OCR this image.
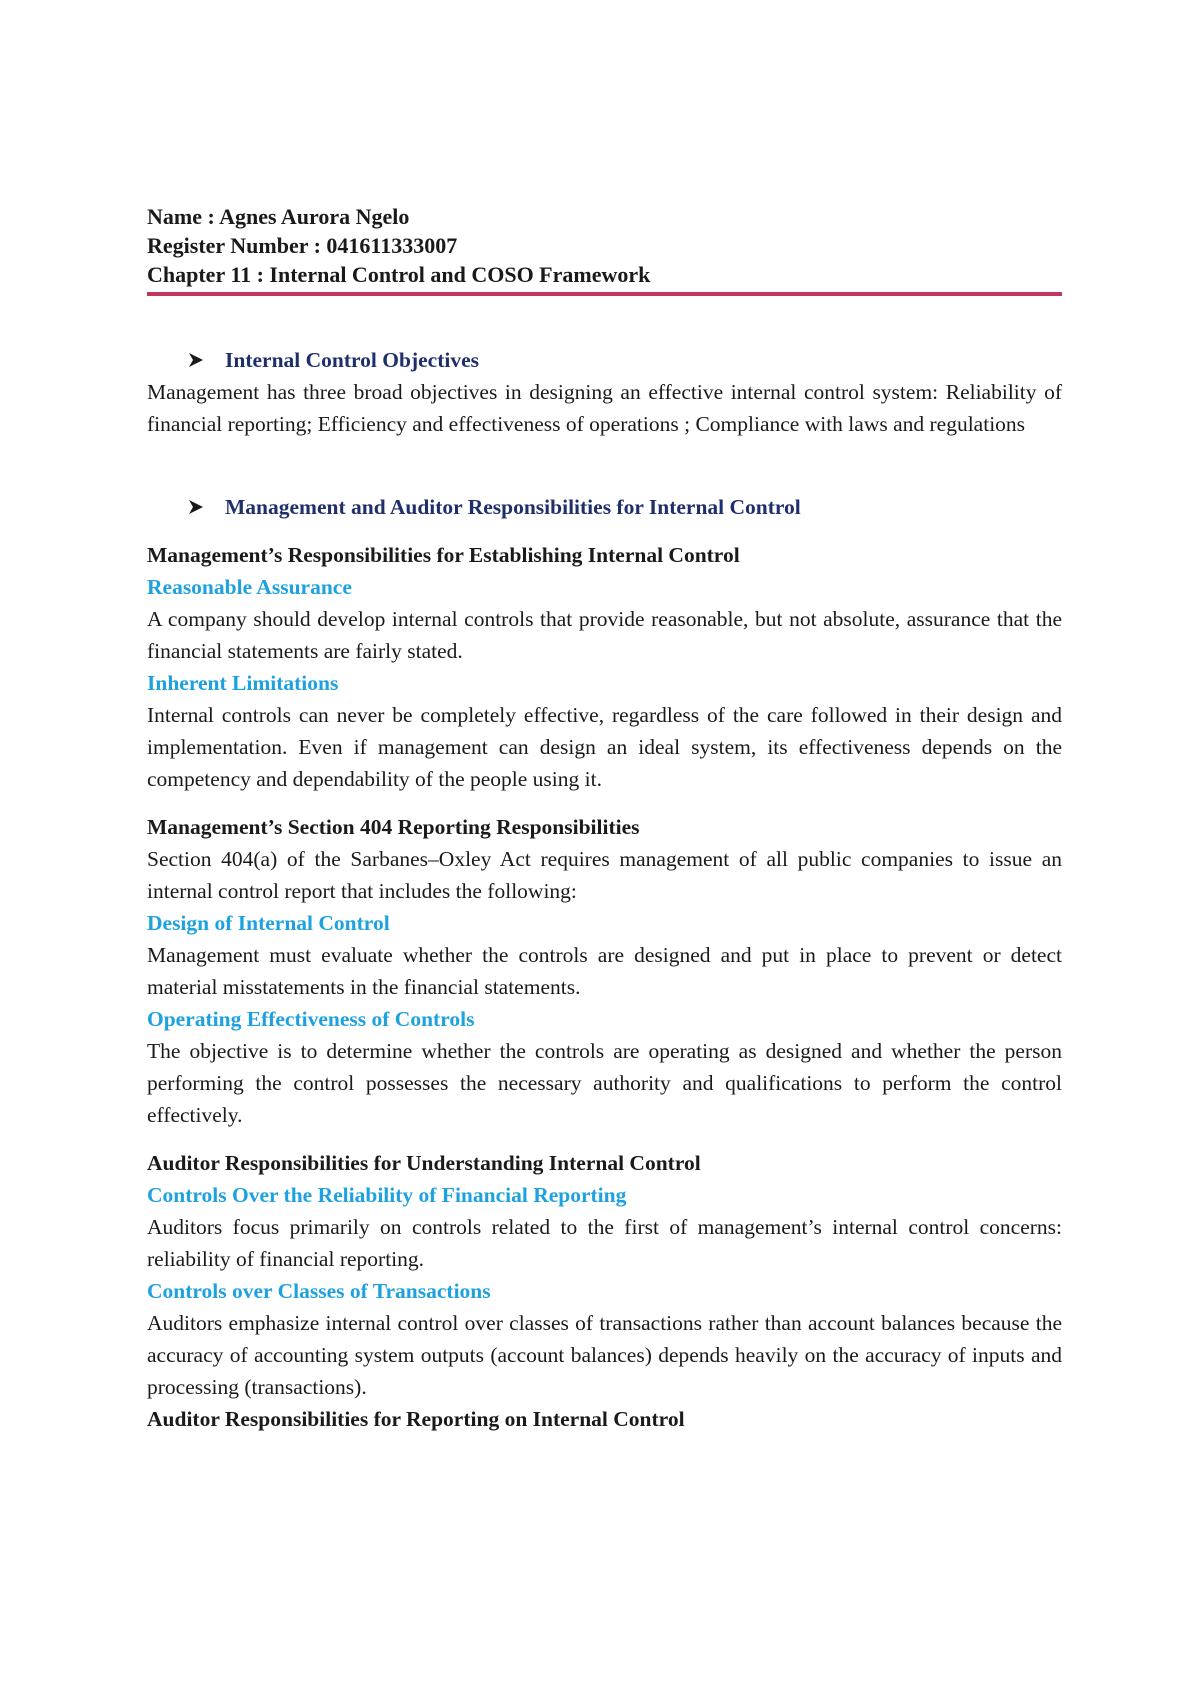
Name : Agnes Aurora Ngelo
Register Number : 041611333007
Chapter 11 : Internal Control and COSO Framework
Internal Control Objectives

Management has three broad objectives in designing an effective internal control system: Reliability of financial reporting; Efficiency and effectiveness of operations ; Compliance with laws and regulations

Management and Auditor Responsibilities for Internal Control

Management’s Responsibilities for Establishing Internal Control

Reasonable Assurance

A company should develop internal controls that provide reasonable, but not absolute, assurance that the financial statements are fairly stated.

Inherent Limitations

Internal controls can never be completely effective, regardless of the care followed in their design and implementation. Even if management can design an ideal system, its effectiveness depends on the competency and dependability of the people using it.

Management’s Section 404 Reporting Responsibilities

Section 404(a) of the Sarbanes–Oxley Act requires management of all public companies to issue an internal control report that includes the following:

Design of Internal Control

Management must evaluate whether the controls are designed and put in place to prevent or detect material misstatements in the financial statements.

Operating Effectiveness of Controls

The objective is to determine whether the controls are operating as designed and whether the person performing the control possesses the necessary authority and qualifications to perform the control effectively.

Auditor Responsibilities for Understanding Internal Control

Controls Over the Reliability of Financial Reporting

Auditors focus primarily on controls related to the first of management’s internal control concerns: reliability of financial reporting.

Controls over Classes of Transactions

Auditors emphasize internal control over classes of transactions rather than account balances because the accuracy of accounting system outputs (account balances) depends heavily on the accuracy of inputs and processing (transactions).

Auditor Responsibilities for Reporting on Internal Control
